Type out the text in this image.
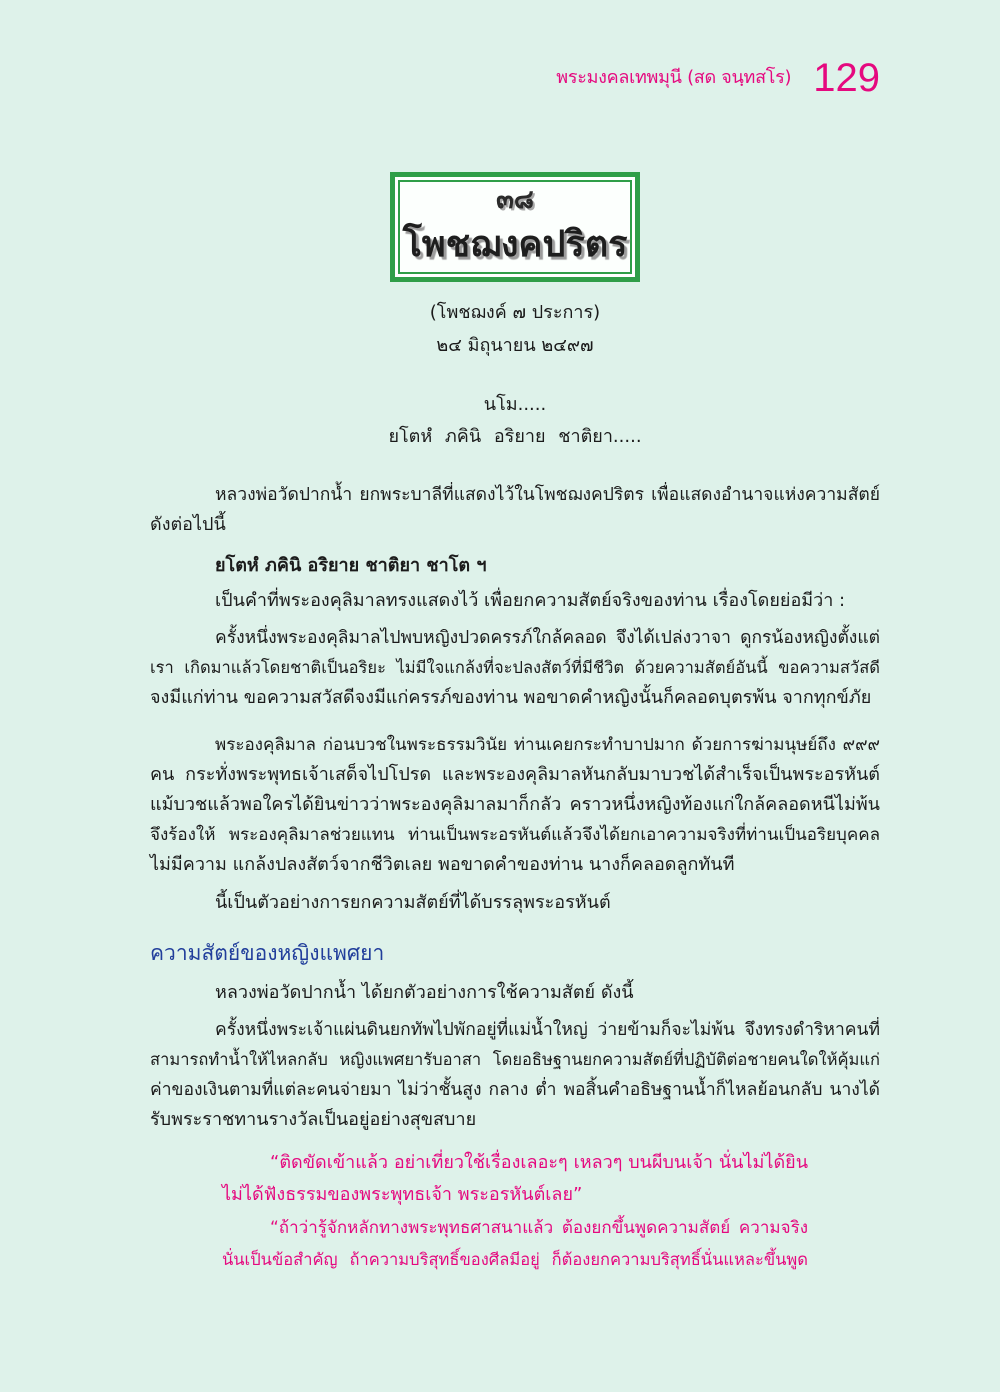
พระมงคลเทพมุนี (สด จนฺทสโร) 129
๓๘
โพชฌงคปริตร
(โพชฌงค์ ๗ ประการ)
๒๔ มิถุนายน ๒๔๙๗
นโม.....
ยโตหํ ภคินิ อริยาย ชาติยา.....
หลวงพ่อวัดปากน้ำ ยกพระบาลีที่แสดงไว้ในโพชฌงคปริตร เพื่อแสดงอำนาจแห่งความสัตย์
ดังต่อไปนี้
ยโตหํ ภคินิ อริยาย ชาติยา ชาโต ฯ
เป็นคำที่พระองคุลิมาลทรงแสดงไว้ เพื่อยกความสัตย์จริงของท่าน เรื่องโดยย่อมีว่า :
ครั้งหนึ่งพระองคุลิมาลไปพบหญิงปวดครรภ์ใกล้คลอด จึงได้เปล่งวาจา ดูกรน้องหญิงตั้งแต่
เรา เกิดมาแล้วโดยชาติเป็นอริยะ ไม่มีใจแกล้งที่จะปลงสัตว์ที่มีชีวิต ด้วยความสัตย์อันนี้ ขอความสวัสดี
จงมีแก่ท่าน ขอความสวัสดีจงมีแก่ครรภ์ของท่าน พอขาดคำหญิงนั้นก็คลอดบุตรพ้น จากทุกข์ภัย
พระองคุลิมาล ก่อนบวชในพระธรรมวินัย ท่านเคยกระทำบาปมาก ด้วยการฆ่ามนุษย์ถึง ๙๙๙
คน กระทั่งพระพุทธเจ้าเสด็จไปโปรด และพระองคุลิมาลหันกลับมาบวชได้สำเร็จเป็นพระอรหันต์
แม้บวชแล้วพอใครได้ยินข่าวว่าพระองคุลิมาลมาก็กลัว คราวหนึ่งหญิงท้องแก่ใกล้คลอดหนีไม่พ้น
จึงร้องให้ พระองคุลิมาลช่วยแทน ท่านเป็นพระอรหันต์แล้วจึงได้ยกเอาความจริงที่ท่านเป็นอริยบุคคล
ไม่มีความ แกล้งปลงสัตว์จากชีวิตเลย พอขาดคำของท่าน นางก็คลอดลูกทันที
นี้เป็นตัวอย่างการยกความสัตย์ที่ได้บรรลุพระอรหันต์
ความสัตย์ของหญิงแพศยา
หลวงพ่อวัดปากน้ำ ได้ยกตัวอย่างการใช้ความสัตย์ ดังนี้
ครั้งหนึ่งพระเจ้าแผ่นดินยกทัพไปพักอยู่ที่แม่น้ำใหญ่ ว่ายข้ามก็จะไม่พ้น จึงทรงดำริหาคนที่
สามารถทำน้ำให้ไหลกลับ หญิงแพศยารับอาสา โดยอธิษฐานยกความสัตย์ที่ปฏิบัติต่อชายคนใดให้คุ้มแก่
ค่าของเงินตามที่แต่ละคนจ่ายมา ไม่ว่าชั้นสูง กลาง ต่ำ พอสิ้นคำอธิษฐานน้ำก็ไหลย้อนกลับ นางได้
รับพระราชทานรางวัลเป็นอยู่อย่างสุขสบาย
“ติดขัดเข้าแล้ว อย่าเที่ยวใช้เรื่องเลอะๆ เหลวๆ บนผีบนเจ้า นั่นไม่ได้ยิน
ไม่ได้ฟังธรรมของพระพุทธเจ้า พระอรหันต์เลย”
“ถ้าว่ารู้จักหลักทางพระพุทธศาสนาแล้ว ต้องยกขึ้นพูดความสัตย์ ความจริง
นั่นเป็นข้อสำคัญ ถ้าความบริสุทธิ์ของศีลมีอยู่ ก็ต้องยกความบริสุทธิ์นั่นแหละขึ้นพูด
